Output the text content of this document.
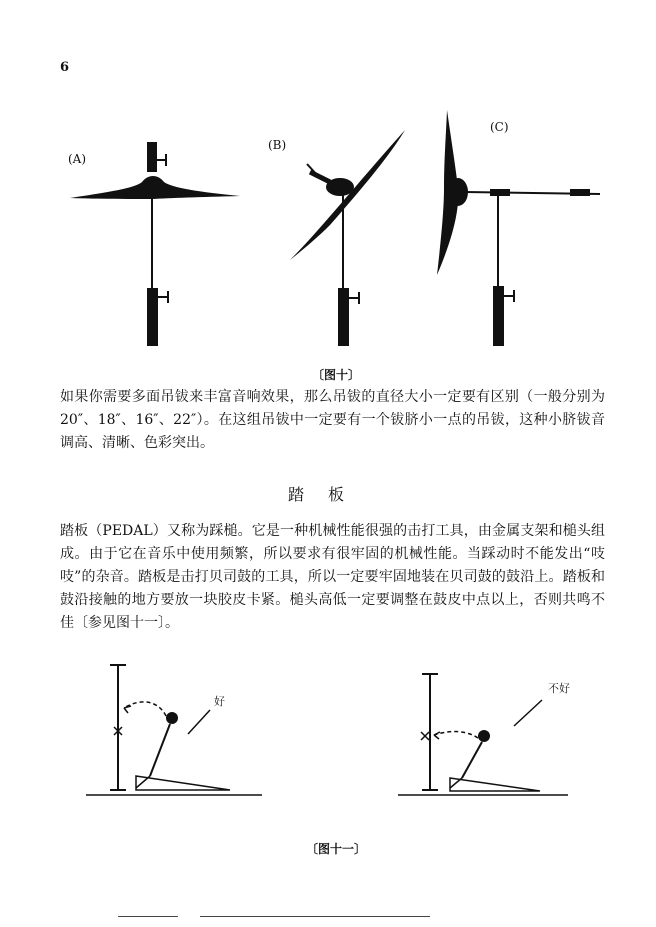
6
(A)
(B)
(C)
〔图十〕

如果你需要多面吊钹来丰富音响效果，那么吊钹的直径大小一定要有区别（一般分别为20″、18″、16″、22″）。在这组吊钹中一定要有一个钹脐小一点的吊钹，这种小脐钹音调高、清晰、色彩突出。

踏板

踏板（PEDAL）又称为踩槌。它是一种机械性能很强的击打工具，由金属支架和槌头组成。由于它在音乐中使用频繁，所以要求有很牢固的机械性能。当踩动时不能发出“吱吱”的杂音。踏板是击打贝司鼓的工具，所以一定要牢固地装在贝司鼓的鼓沿上。踏板和鼓沿接触的地方要放一块胶皮卡紧。槌头高低一定要调整在鼓皮中点以上，否则共鸣不佳〔参见图十一〕。

好
不好
〔图十一〕
